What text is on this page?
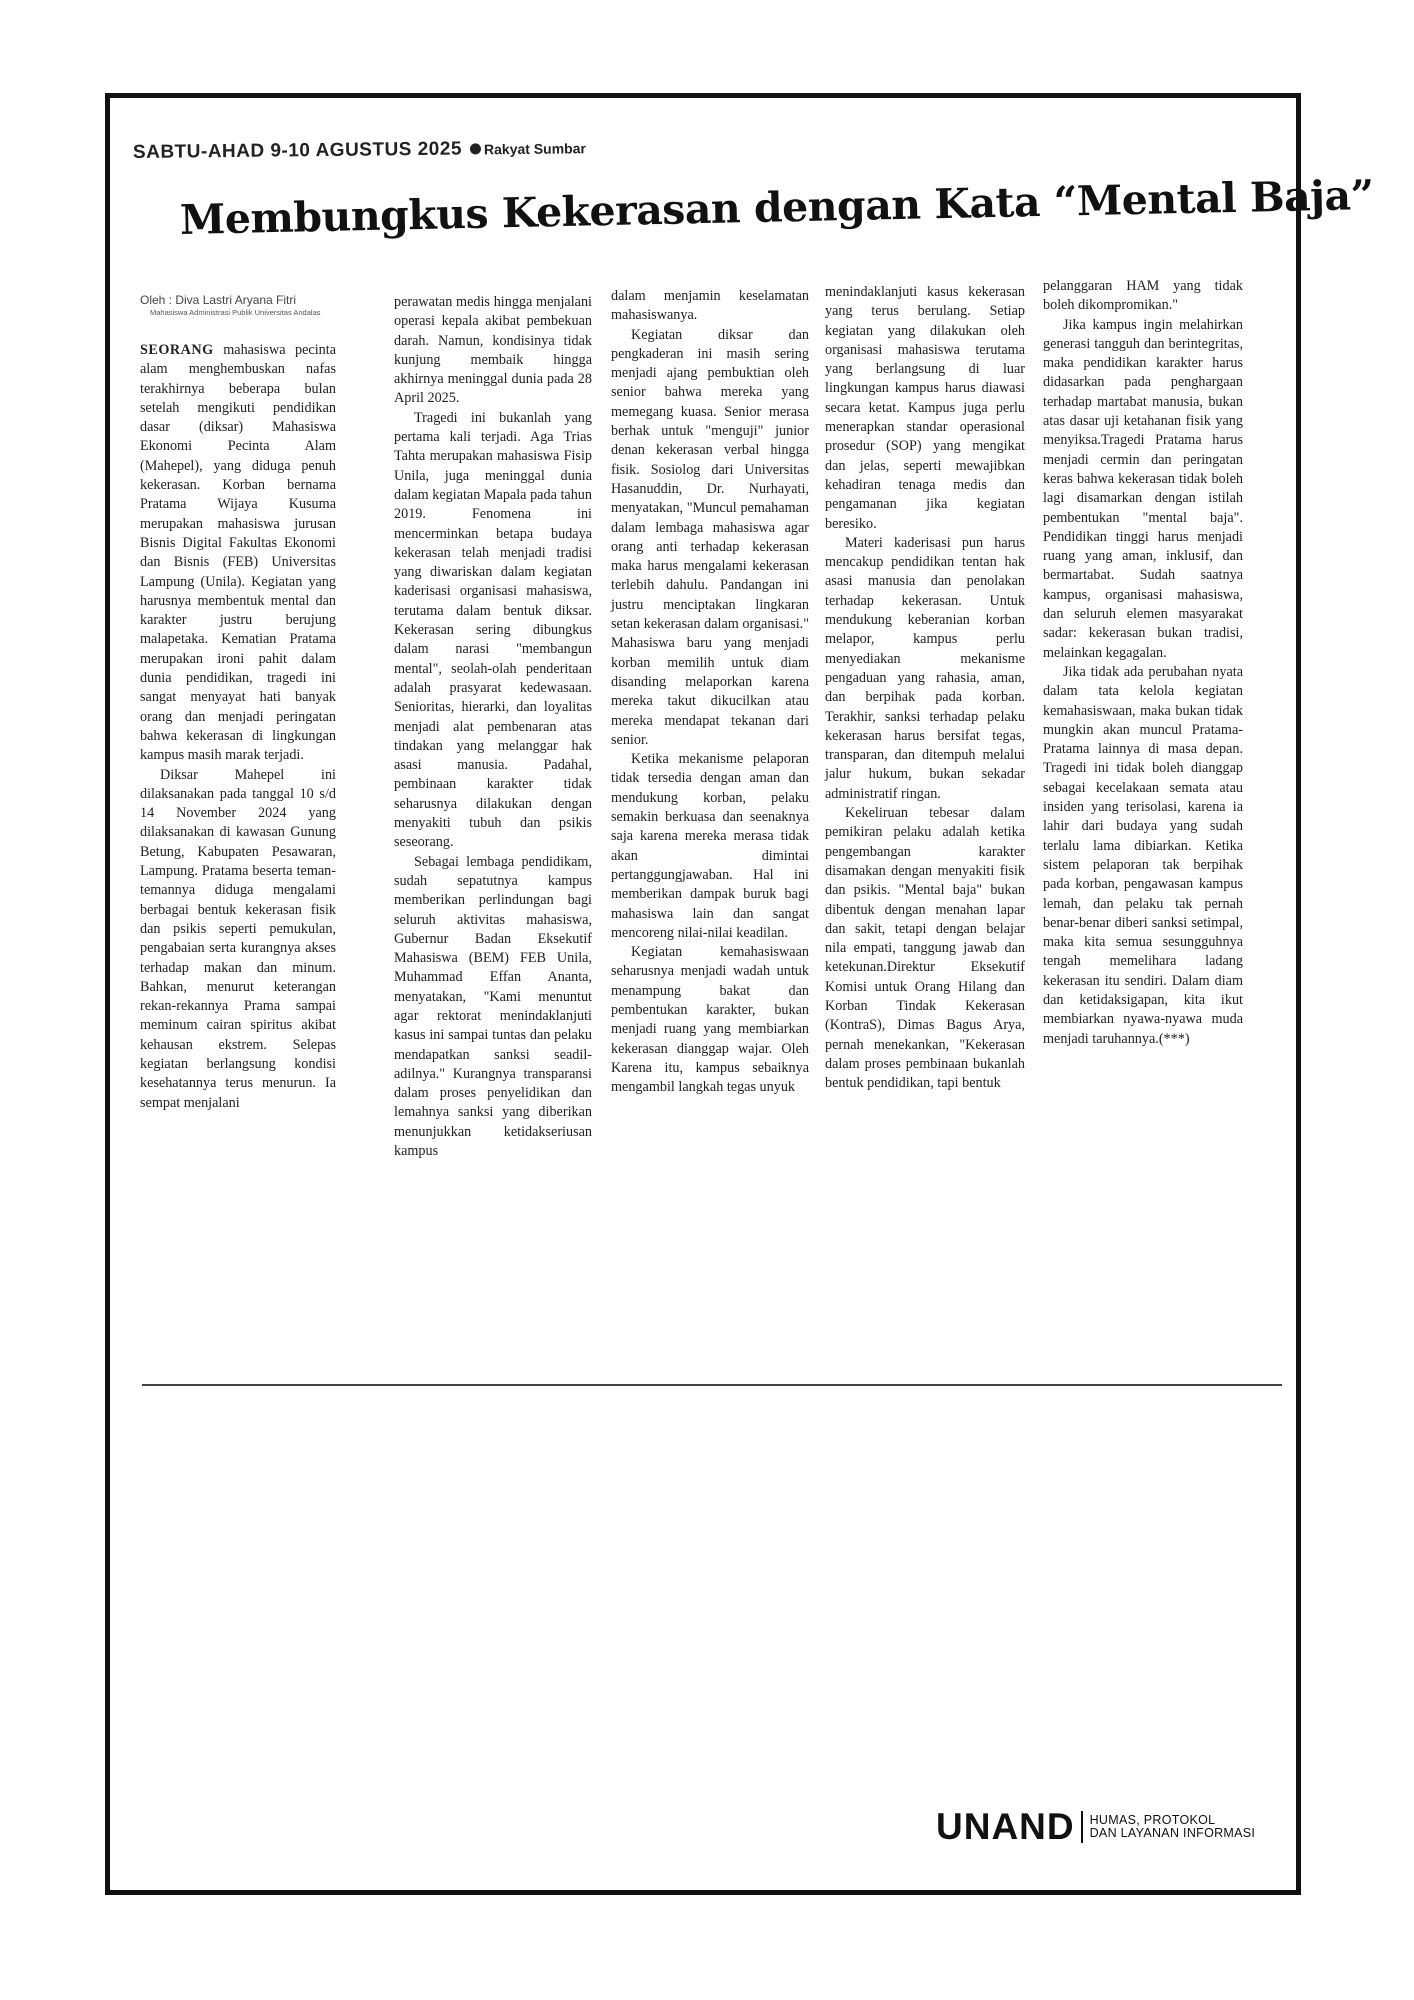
SABTU-AHAD 9-10 AGUSTUS 2025 Rakyat Sumbar
Membungkus Kekerasan dengan Kata “Mental Baja”
Oleh : Diva Lastri Aryana Fitri
Mahasiswa Administrasi Publik Universitas Andalas

SEORANG mahasiswa pecinta alam menghembuskan nafas terakhirnya beberapa bulan setelah mengikuti pendidikan dasar (diksar) Mahasiswa Ekonomi Pecinta Alam (Mahepel), yang diduga penuh kekerasan. Korban bernama Pratama Wijaya Kusuma merupakan mahasiswa jurusan Bisnis Digital Fakultas Ekonomi dan Bisnis (FEB) Universitas Lampung (Unila). Kegiatan yang harusnya membentuk mental dan karakter justru berujung malapetaka. Kematian Pratama merupakan ironi pahit dalam dunia pendidikan, tragedi ini sangat menyayat hati banyak orang dan menjadi peringatan bahwa kekerasan di lingkungan kampus masih marak terjadi.

Diksar Mahepel ini dilaksanakan pada tanggal 10 s/d 14 November 2024 yang dilaksanakan di kawasan Gunung Betung, Kabupaten Pesawaran, Lampung. Pratama beserta teman-temannya diduga mengalami berbagai bentuk kekerasan fisik dan psikis seperti pemukulan, pengabaian serta kurangnya akses terhadap makan dan minum. Bahkan, menurut keterangan rekan-rekannya Prama sampai meminum cairan spiritus akibat kehausan ekstrem. Selepas kegiatan berlangsung kondisi kesehatannya terus menurun. Ia sempat menjalani

perawatan medis hingga menjalani operasi kepala akibat pembekuan darah. Namun, kondisinya tidak kunjung membaik hingga akhirnya meninggal dunia pada 28 April 2025.

Tragedi ini bukanlah yang pertama kali terjadi. Aga Trias Tahta merupakan mahasiswa Fisip Unila, juga meninggal dunia dalam kegiatan Mapala pada tahun 2019. Fenomena ini mencerminkan betapa budaya kekerasan telah menjadi tradisi yang diwariskan dalam kegiatan kaderisasi organisasi mahasiswa, terutama dalam bentuk diksar. Kekerasan sering dibungkus dalam narasi "membangun mental", seolah-olah penderitaan adalah prasyarat kedewasaan. Senioritas, hierarki, dan loyalitas menjadi alat pembenaran atas tindakan yang melanggar hak asasi manusia. Padahal, pembinaan karakter tidak seharusnya dilakukan dengan menyakiti tubuh dan psikis seseorang.

Sebagai lembaga pendidikam, sudah sepatutnya kampus memberikan perlindungan bagi seluruh aktivitas mahasiswa, Gubernur Badan Eksekutif Mahasiswa (BEM) FEB Unila, Muhammad Effan Ananta, menyatakan, "Kami menuntut agar rektorat menindaklanjuti kasus ini sampai tuntas dan pelaku mendapatkan sanksi seadil-adilnya." Kurangnya transparansi dalam proses penyelidikan dan lemahnya sanksi yang diberikan menunjukkan ketidakseriusan kampus

dalam menjamin keselamatan mahasiswanya.

Kegiatan diksar dan pengkaderan ini masih sering menjadi ajang pembuktian oleh senior bahwa mereka yang memegang kuasa. Senior merasa berhak untuk "menguji" junior denan kekerasan verbal hingga fisik. Sosiolog dari Universitas Hasanuddin, Dr. Nurhayati, menyatakan, "Muncul pemahaman dalam lembaga mahasiswa agar orang anti terhadap kekerasan maka harus mengalami kekerasan terlebih dahulu. Pandangan ini justru menciptakan lingkaran setan kekerasan dalam organisasi." Mahasiswa baru yang menjadi korban memilih untuk diam disanding melaporkan karena mereka takut dikucilkan atau mereka mendapat tekanan dari senior.

Ketika mekanisme pelaporan tidak tersedia dengan aman dan mendukung korban, pelaku semakin berkuasa dan seenaknya saja karena mereka merasa tidak akan dimintai pertanggungjawaban. Hal ini memberikan dampak buruk bagi mahasiswa lain dan sangat mencoreng nilai-nilai keadilan.

Kegiatan kemahasiswaan seharusnya menjadi wadah untuk menampung bakat dan pembentukan karakter, bukan menjadi ruang yang membiarkan kekerasan dianggap wajar. Oleh Karena itu, kampus sebaiknya mengambil langkah tegas unyuk

menindaklanjuti kasus kekerasan yang terus berulang. Setiap kegiatan yang dilakukan oleh organisasi mahasiswa terutama yang berlangsung di luar lingkungan kampus harus diawasi secara ketat. Kampus juga perlu menerapkan standar operasional prosedur (SOP) yang mengikat dan jelas, seperti mewajibkan kehadiran tenaga medis dan pengamanan jika kegiatan beresiko.

Materi kaderisasi pun harus mencakup pendidikan tentan hak asasi manusia dan penolakan terhadap kekerasan. Untuk mendukung keberanian korban melapor, kampus perlu menyediakan mekanisme pengaduan yang rahasia, aman, dan berpihak pada korban. Terakhir, sanksi terhadap pelaku kekerasan harus bersifat tegas, transparan, dan ditempuh melalui jalur hukum, bukan sekadar administratif ringan.

Kekeliruan tebesar dalam pemikiran pelaku adalah ketika pengembangan karakter disamakan dengan menyakiti fisik dan psikis. "Mental baja" bukan dibentuk dengan menahan lapar dan sakit, tetapi dengan belajar nila empati, tanggung jawab dan ketekunan.Direktur Eksekutif Komisi untuk Orang Hilang dan Korban Tindak Kekerasan (KontraS), Dimas Bagus Arya, pernah menekankan, "Kekerasan dalam proses pembinaan bukanlah bentuk pendidikan, tapi bentuk

pelanggaran HAM yang tidak boleh dikompromikan."

Jika kampus ingin melahirkan generasi tangguh dan berintegritas, maka pendidikan karakter harus didasarkan pada penghargaan terhadap martabat manusia, bukan atas dasar uji ketahanan fisik yang menyiksa.Tragedi Pratama harus menjadi cermin dan peringatan keras bahwa kekerasan tidak boleh lagi disamarkan dengan istilah pembentukan "mental baja". Pendidikan tinggi harus menjadi ruang yang aman, inklusif, dan bermartabat. Sudah saatnya kampus, organisasi mahasiswa, dan seluruh elemen masyarakat sadar: kekerasan bukan tradisi, melainkan kegagalan.

Jika tidak ada perubahan nyata dalam tata kelola kegiatan kemahasiswaan, maka bukan tidak mungkin akan muncul Pratama-Pratama lainnya di masa depan. Tragedi ini tidak boleh dianggap sebagai kecelakaan semata atau insiden yang terisolasi, karena ia lahir dari budaya yang sudah terlalu lama dibiarkan. Ketika sistem pelaporan tak berpihak pada korban, pengawasan kampus lemah, dan pelaku tak pernah benar-benar diberi sanksi setimpal, maka kita semua sesungguhnya tengah memelihara ladang kekerasan itu sendiri. Dalam diam dan ketidaksigapan, kita ikut membiarkan nyawa-nyawa muda menjadi taruhannya.(***)

UNAND HUMAS, PROTOKOL
DAN LAYANAN INFORMASI
